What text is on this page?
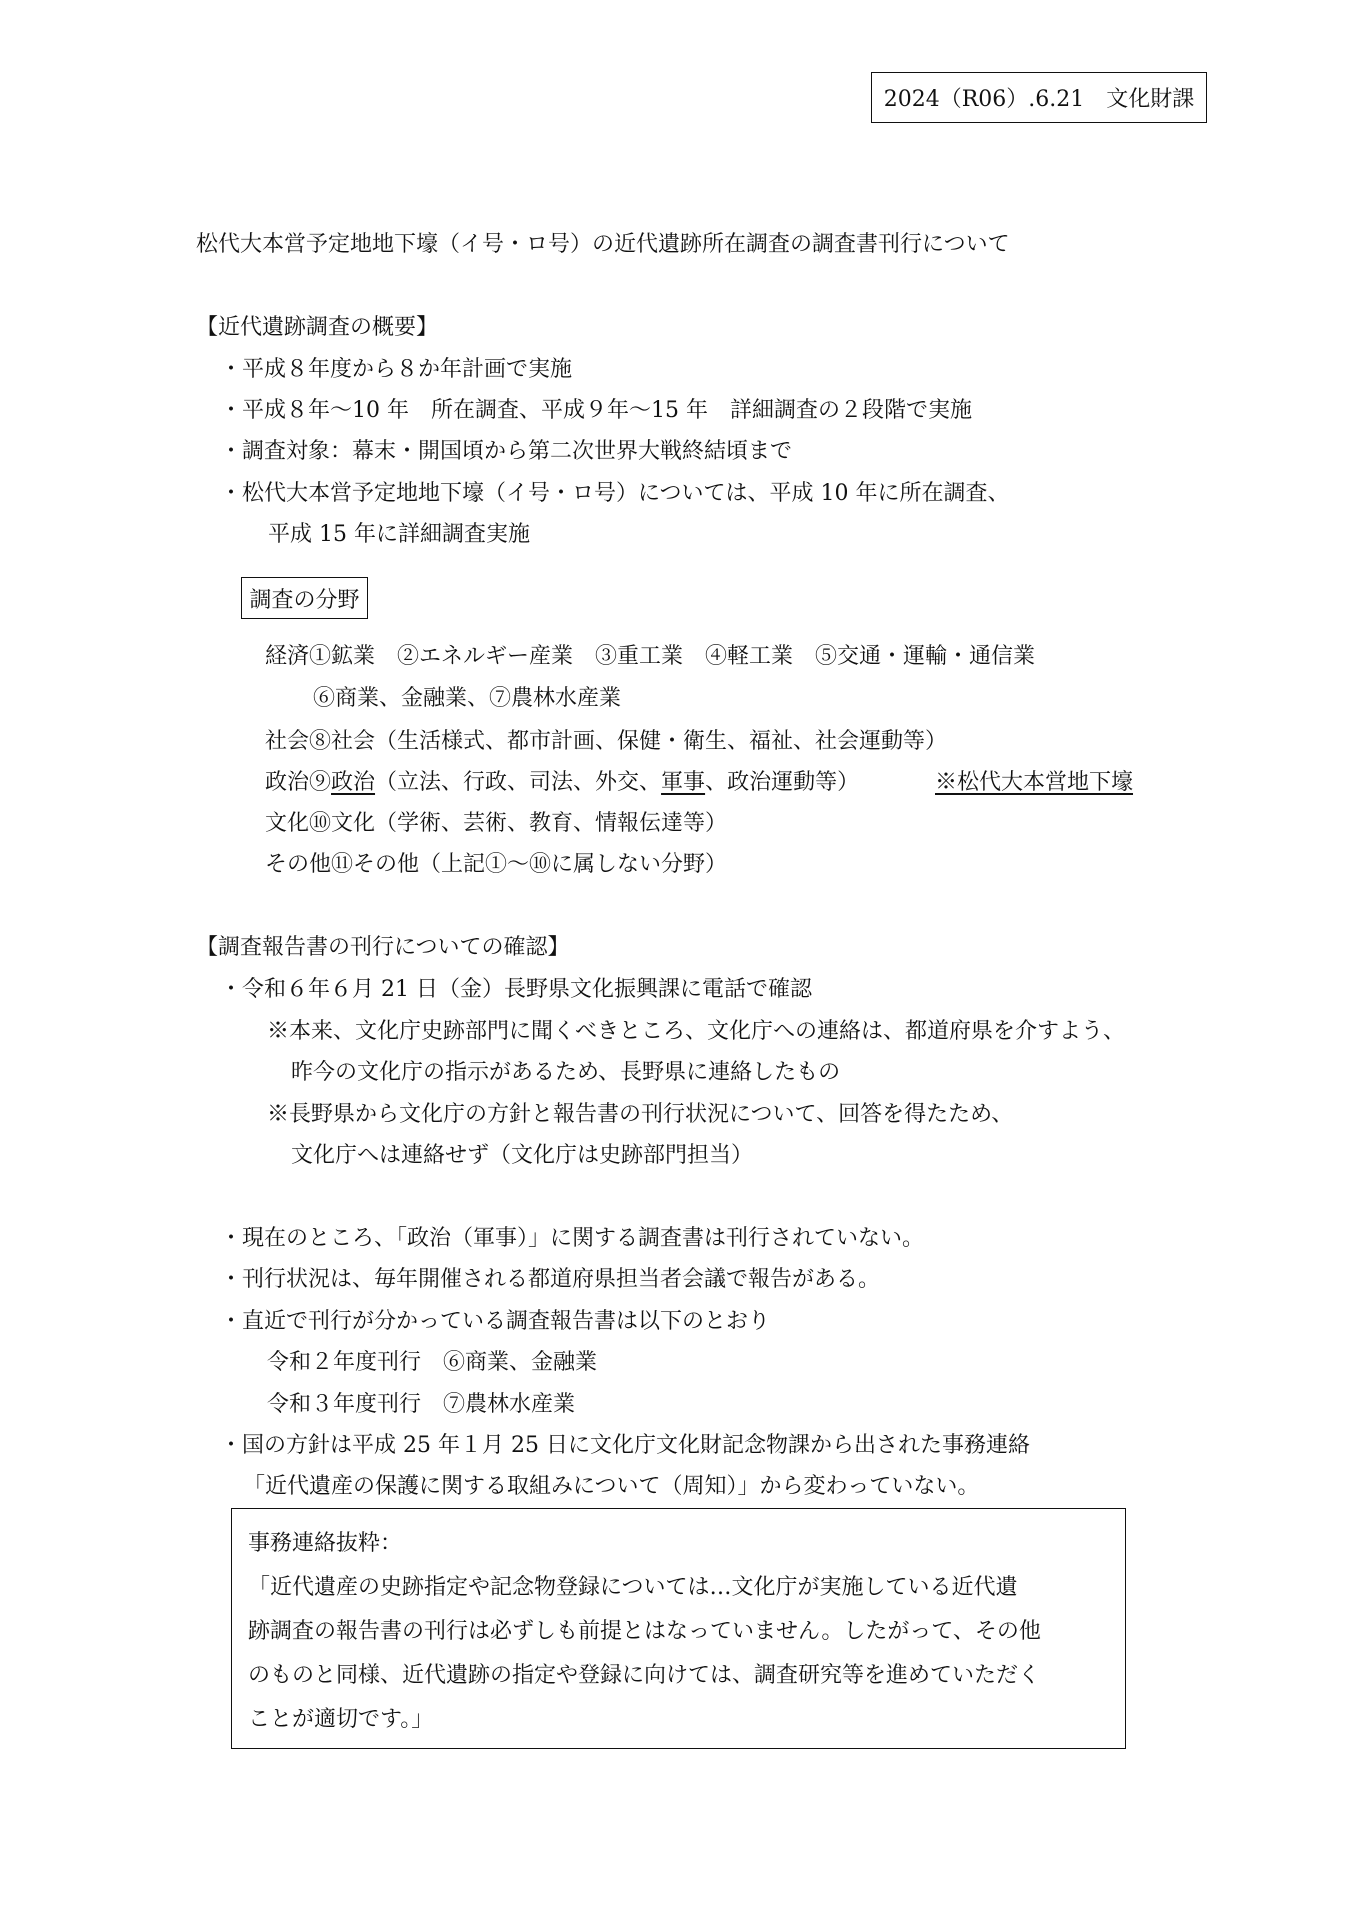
2024（R06）.6.21　文化財課
松代大本営予定地地下壕（イ号・ロ号）の近代遺跡所在調査の調査書刊行について
【近代遺跡調査の概要】
・平成８年度から８か年計画で実施
・平成８年～10 年　所在調査、平成９年～15 年　詳細調査の２段階で実施
・調査対象：幕末・開国頃から第二次世界大戦終結頃まで
・松代大本営予定地地下壕（イ号・ロ号）については、平成 10 年に所在調査、
平成 15 年に詳細調査実施
調査の分野
経済①鉱業　②エネルギー産業　③重工業　④軽工業　⑤交通・運輸・通信業
⑥商業、金融業、⑦農林水産業
社会⑧社会（生活様式、都市計画、保健・衛生、福祉、社会運動等）
政治⑨政治（立法、行政、司法、外交、軍事、政治運動等）	※松代大本営地下壕
文化⑩文化（学術、芸術、教育、情報伝達等）
その他⑪その他（上記①～⑩に属しない分野）
【調査報告書の刊行についての確認】
・令和６年６月 21 日（金）長野県文化振興課に電話で確認
※本来、文化庁史跡部門に聞くべきところ、文化庁への連絡は、都道府県を介すよう、
昨今の文化庁の指示があるため、長野県に連絡したもの
※長野県から文化庁の方針と報告書の刊行状況について、回答を得たため、
文化庁へは連絡せず（文化庁は史跡部門担当）
・現在のところ、「政治（軍事）」に関する調査書は刊行されていない。
・刊行状況は、毎年開催される都道府県担当者会議で報告がある。
・直近で刊行が分かっている調査報告書は以下のとおり
令和２年度刊行　⑥商業、金融業
令和３年度刊行　⑦農林水産業
・国の方針は平成 25 年１月 25 日に文化庁文化財記念物課から出された事務連絡
「近代遺産の保護に関する取組みについて（周知）」から変わっていない。
事務連絡抜粋：
「近代遺産の史跡指定や記念物登録については…文化庁が実施している近代遺
跡調査の報告書の刊行は必ずしも前提とはなっていません。したがって、その他
のものと同様、近代遺跡の指定や登録に向けては、調査研究等を進めていただく
ことが適切です。」
